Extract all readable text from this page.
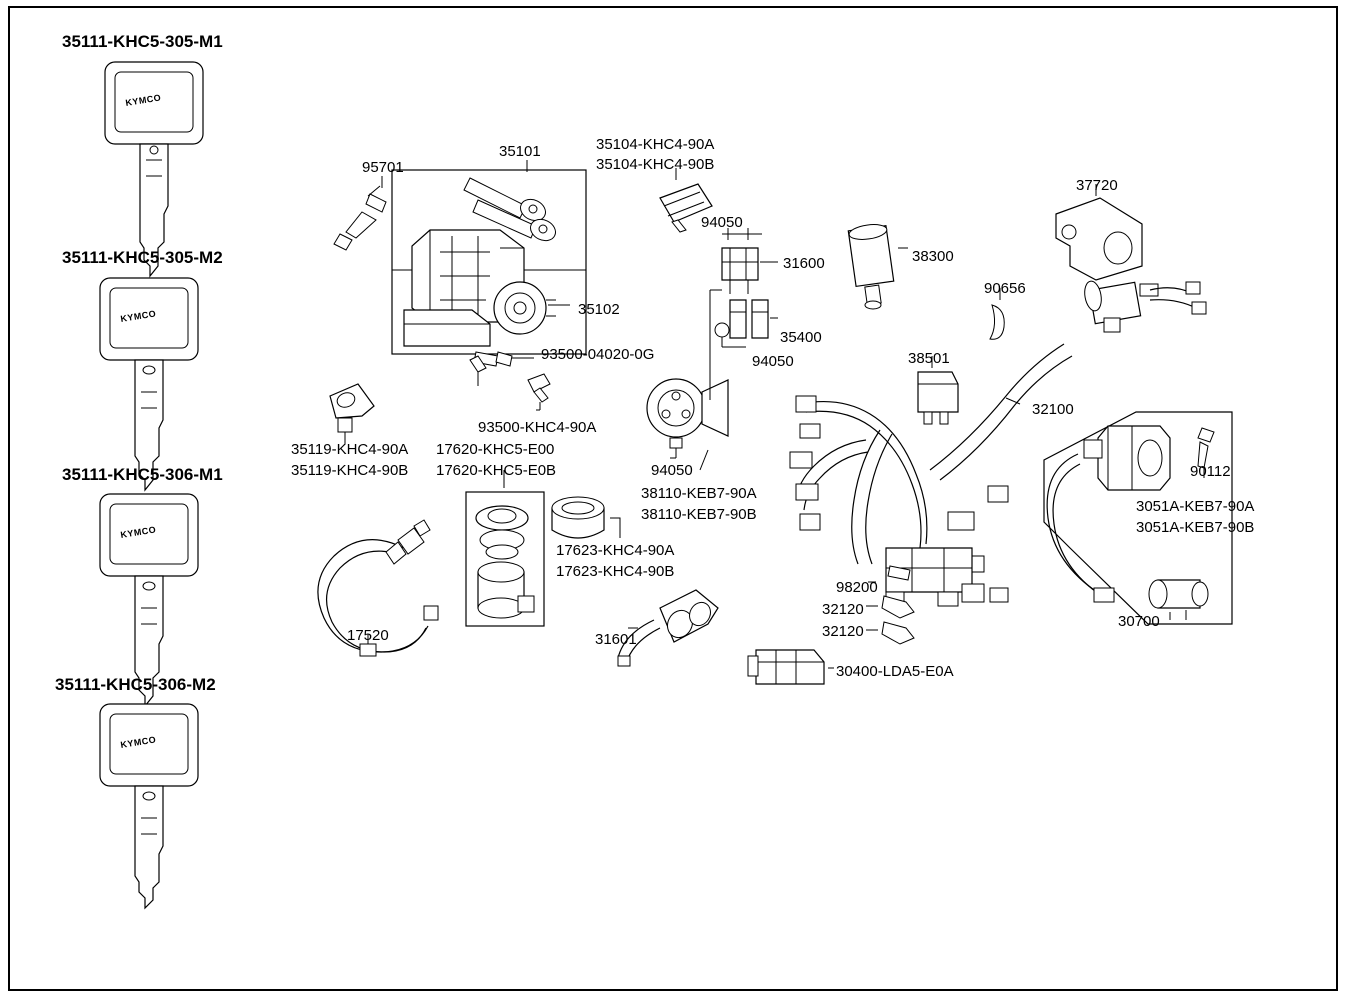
KYMCO
KYMCO
KYMCO
KYMCO
35111-KHC5-305-M1
35111-KHC5-305-M2
35111-KHC5-306-M1
35111-KHC5-306-M2
95701
35101	35104-KHC4-90A
35104-KHC4-90B
94050
31600	38300
37720
90656
35102
35400
94050
93500-04020-0G	38501
32100
93500-KHC4-90A
35119-KHC4-90A
35119-KHC4-90B
17620-KHC5-E00
17620-KHC5-E0B	94050
38110-KEB7-90A
38110-KEB7-90B
90112
3051A-KEB7-90A
3051A-KEB7-90B
17623-KHC4-90A
17623-KHC4-90B
98200
32120
32120
30700
17520	31601
30400-LDA5-E0A
